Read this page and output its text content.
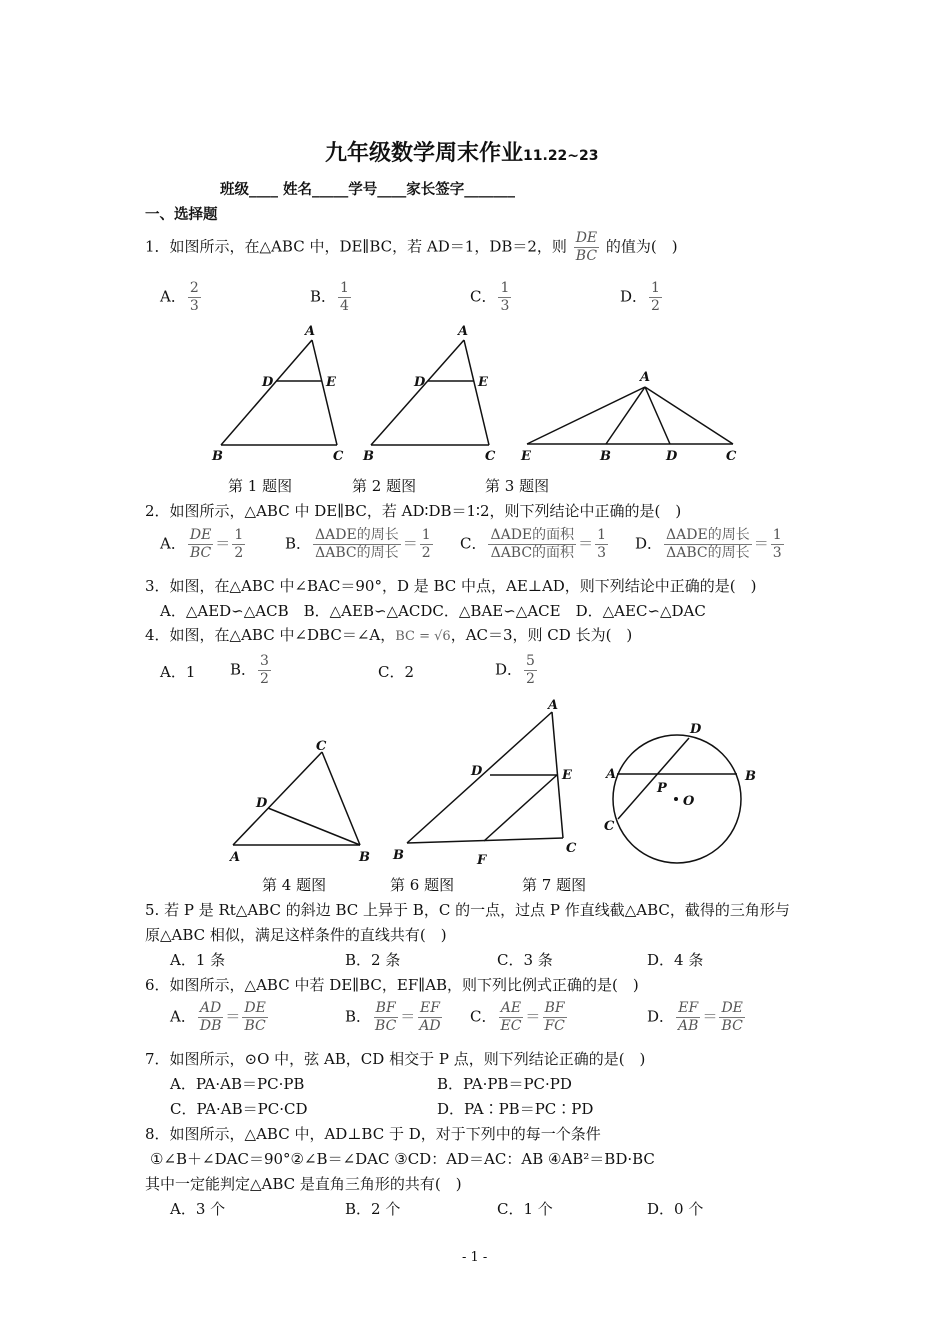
九年级数学周末作业11.22~23
班级____ 姓名_____学号____家长签字_______
一、选择题
1．如图所示，在△ABC 中，DE∥BC，若 AD＝1，DB＝2，则 $\frac{DE}{BC}$ 的值为(　)
A． $\frac{2}{3}$	B． $\frac{1}{4}$	C． $\frac{1}{3}$	D． $\frac{1}{2}$
A
D	E
B	C
A
D	E
B	C
A
E	B	D	C
第 1 题图	第 2 题图	第 3 题图
2．如图所示，△ABC 中 DE∥BC，若 AD∶DB＝1∶2，则下列结论中正确的是(　)
A． $\frac{DE}{BC} = \frac{1}{2}$	B． $\frac{\text{ΔADE的周长}}{\text{ΔABC的周长}} = \frac{1}{2}$ C． $\frac{\text{ΔADE的面积}}{\text{ΔABC的面积}} = \frac{1}{3}$ D． $\frac{\text{ΔADE的周长}}{\text{ΔABC的周长}} = \frac{1}{3}$
3．如图，在△ABC 中∠BAC＝90°，D 是 BC 中点，AE⊥AD，则下列结论中正确的是(　)
A．△AED∽△ACB　B．△AEB∽△ACDC．△BAE∽△ACE　D．△AEC∽△DAC
4．如图，在△ABC 中∠DBC＝∠A，BC = √6，AC＝3，则 CD 长为(　)
A．1 B． $\frac{3}{2}$	C．2	D． $\frac{5}{2}$
C
D
A	B
A
D	E
B	F
C
D
A	B
P
O
C
第 4 题图	第 6 题图	第 7 题图
5. 若 P 是 Rt△ABC 的斜边 BC 上异于 B，C 的一点，过点 P 作直线截△ABC，截得的三角形与
原△ABC 相似，满足这样条件的直线共有(　)
A．1 条	B．2 条	C．3 条	D．4 条
6．如图所示，△ABC 中若 DE∥BC，EF∥AB，则下列比例式正确的是(　)
A． $\frac{AD}{DB} = \frac{DE}{BC}$	B． $\frac{BF}{BC} = \frac{EF}{AD}$ C． $\frac{AE}{EC} = \frac{BF}{FC}$	D． $\frac{EF}{AB} = \frac{DE}{BC}$
7．如图所示，⊙O 中，弦 AB，CD 相交于 P 点，则下列结论正确的是(　)
A．PA·AB＝PC·PB	B．PA·PB＝PC·PD
C．PA·AB＝PC·CD	D．PA∶PB＝PC∶PD
8．如图所示，△ABC 中，AD⊥BC 于 D，对于下列中的每一个条件
①∠B＋∠DAC＝90°②∠B＝∠DAC ③CD：AD＝AC：AB ④AB²＝BD·BC
其中一定能判定△ABC 是直角三角形的共有(　)
A．3 个	B．2 个	C．1 个	D．0 个
- 1 -
